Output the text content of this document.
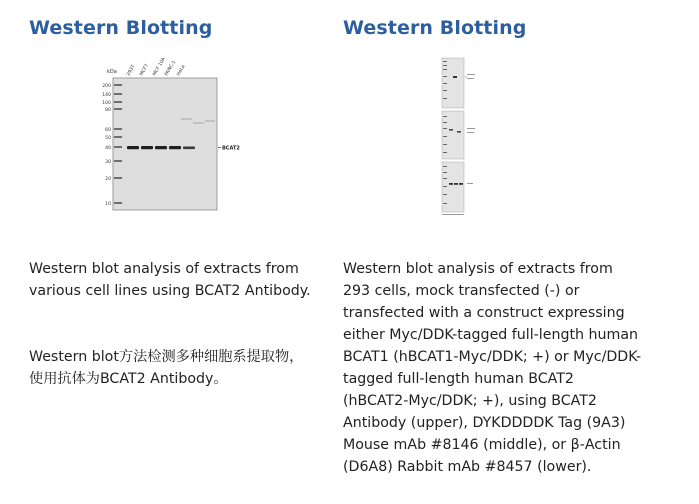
Western Blotting
kDa 293T MCF7 MCF 10A
PANC-1 HeLa
200
140
100
80
60
50
40
30
20
10
BCAT2

Western blot analysis of extracts from various cell lines using BCAT2 Antibody.

Western blot方法检测多种细胞系提取物，使用抗体为BCAT2 Antibody。

Western Blotting

Western blot analysis of extracts from 293 cells, mock transfected (-) or transfected with a construct expressing either Myc/DDK-tagged full-length human BCAT1 (hBCAT1-Myc/DDK; +) or Myc/DDK-tagged full-length human BCAT2 (hBCAT2-Myc/DDK; +), using BCAT2 Antibody (upper), DYKDDDDK Tag (9A3) Mouse mAb #8146 (middle), or β-Actin (D6A8) Rabbit mAb #8457 (lower).
